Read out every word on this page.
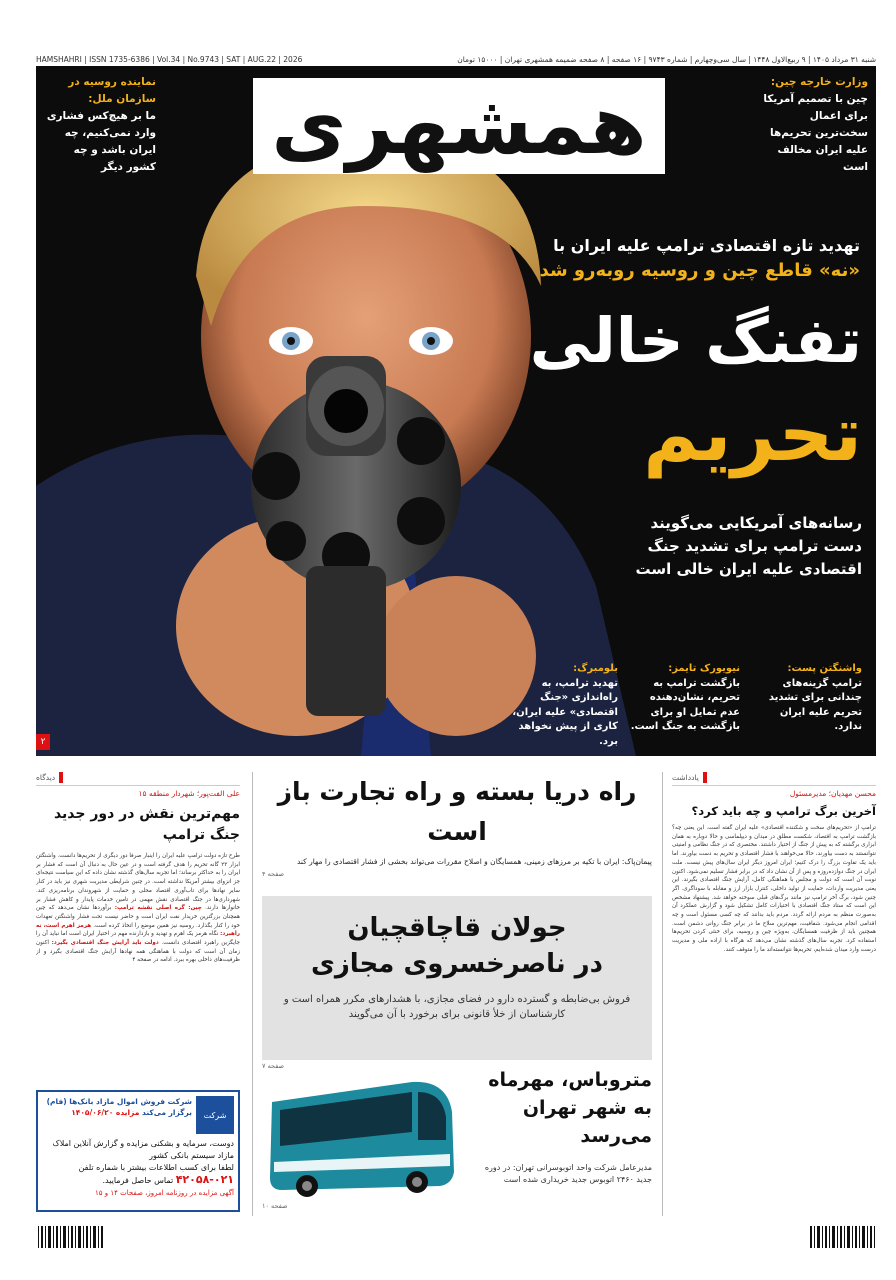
HAMSHAHRI | ISSN 1735-6386 | Vol.34 | No.9743 | SAT | AUG.22 | 2026	شنبه ۳۱ مرداد ۱۴۰۵ | ۹ ربیع‌الاول ۱۴۴۸ | سال سی‌و‌چهارم | شماره ۹۷۴۳ | ۱۶ صفحه | ۸ صفحه ضمیمه همشهری تهران | ۱۵۰۰۰ تومان
همشهری
نماینده روسیه در سازمان ملل:
ما بر هیچ‌کس فشاری وارد نمی‌کنیم، چه ایران باشد و چه کشور دیگر
وزارت خارجه چین:
چین با تصمیم آمریکا برای اعمال سخت‌ترین تحریم‌ها علیه ایران مخالف است
تهدید تازه اقتصادی ترامپ علیه ایران با
«نه» قاطع چین و روسیه روبه‌رو شد
تفنگ خالی
تحریم
رسانه‌های آمریکایی می‌گویند دست ترامپ برای تشدید جنگ اقتصادی علیه ایران خالی است
واشنگتن پست:
ترامپ گزینه‌های چندانی برای تشدید تحریم علیه ایران ندارد.
نیویورک تایمز:
بازگشت ترامپ به تحریم، نشان‌دهنده عدم تمایل او برای بازگشت به جنگ است.
بلومبرگ:
تهدید ترامپ، به راه‌اندازی «جنگ اقتصادی» علیه ایران، کاری از پیش نخواهد برد.
۲
دیدگاه
علی الفت‌پور؛ شهردار منطقه ۱۵
مهم‌ترین نقش در دور جدید جنگ ترامپ
طرح تازه دولت ترامپ علیه ایران را اینبار صرفا دور دیگری از تحریم‌ها دانست. واشنگتن ابزار ۲۳ گانه تحریم را هدف گرفته است و در عین حال به دنبال آن است که فشار بر ایران را به حداکثر برساند؛ اما تجربه سال‌های گذشته نشان داده که این سیاست نتیجه‌ای جز انزوای بیشتر آمریکا نداشته است. در چنین شرایطی مدیریت شهری نیز باید در کنار سایر نهادها برای تاب‌آوری اقتصاد محلی و حمایت از شهروندان برنامه‌ریزی کند. شهرداری‌ها در جنگ اقتصادی نقش مهمی در تامین خدمات پایدار و کاهش فشار بر خانوارها دارند. چین: گره اصلی نقشه ترامپ: برآوردها نشان می‌دهد که چین همچنان بزرگترین خریدار نفت ایران است و حاضر نیست تحت فشار واشنگتن تعهدات خود را کنار بگذارد. روسیه نیز همین موضع را اتخاذ کرده است. هرمز اهرم است، نه راهبرد: نگاه هرمز یک اهرم و تهدید و بازدارنده مهم در اختیار ایران است اما نباید آن را جایگزین راهبرد اقتصادی دانست. دولت باید آرایش جنگ اقتصادی بگیرد: اکنون زمان آن است که دولت با هماهنگی همه نهادها آرایش جنگ اقتصادی بگیرد و از ظرفیت‌های داخلی بهره ببرد. ادامه در صفحه ۴
شرکت
شرکت فروش اموال مازاد بانک‌ها (فام) برگزار می‌کند مزایده ۱۴۰۵/۰۶/۲۰
دوست، سرمایه و بشکنی مزایده و گزارش آنلاین املاک مازاد سیستم بانکی کشور
لطفا برای کسب اطلاعات بیشتر با شماره تلفن
۴۲۰۵۸-۰۲۱ تماس حاصل فرمایید.
آگهی مزایده در روزنامه امروز، صفحات ۱۴ و ۱۵
راه دریا بسته و راه تجارت باز است
پیمان‌پاک: ایران با تکیه بر مرزهای زمینی، همسایگان و اصلاح مقررات می‌تواند بخشی از فشار اقتصادی را مهار کند
صفحه ۴
جولان قاچاقچیان
در ناصرخسروی مجازی
فروش بی‌ضابطه و گسترده دارو در فضای مجازی، با هشدارهای مکرر همراه است و کارشناسان از خلأ قانونی برای برخورد با آن می‌گویند
صفحه ۷
متروباس، مهرماه به شهر تهران می‌رسد
مدیرعامل شرکت واحد اتوبوسرانی تهران: در دوره جدید ۲۴۶۰ اتوبوس جدید خریداری شده است
صفحه ۱۰
یادداشت
محسن مهدیان؛ مدیرمسئول
آخرین برگ ترامپ و چه باید کرد؟
ترامپ از «تحریم‌های سخت و شکننده اقتصادی» علیه ایران گفته است. این یعنی چه؟ بازگشت ترامپ به اقتصاد، شکست مطلق در میدان و دیپلماسی و حالا دوباره به همان ابزاری برگشته که به پیش از جنگ از اختیار داشتند. مختصری که در جنگ نظامی و امنیتی نتوانستند به دست بیاورند، حالا می‌خواهند با فشار اقتصادی و تحریم به دست بیاورند. اما باید یک تفاوت بزرگ را درک کنیم؛ ایران امروز دیگر ایران سال‌های پیش نیست. ملت ایران در جنگ دوازده‌روزه و پس از آن نشان داد که در برابر فشار تسلیم نمی‌شود. اکنون نوبت آن است که دولت و مجلس با هماهنگی کامل، آرایش جنگ اقتصادی بگیرند. این یعنی مدیریت واردات، حمایت از تولید داخلی، کنترل بازار ارز و مقابله با سوداگری. اگر چنین شود، برگ آخر ترامپ نیز مانند برگ‌های قبلی سوخته خواهد شد. پیشنهاد مشخص این است که ستاد جنگ اقتصادی با اختیارات کامل تشکیل شود و گزارش عملکرد آن به‌صورت منظم به مردم ارائه گردد. مردم باید بدانند که چه کسی مسئول است و چه اقدامی انجام می‌شود. شفافیت، مهم‌ترین سلاح ما در برابر جنگ روانی دشمن است. همچنین باید از ظرفیت همسایگان، به‌ویژه چین و روسیه، برای خنثی کردن تحریم‌ها استفاده کرد. تجربه سال‌های گذشته نشان می‌دهد که هرگاه با اراده ملی و مدیریت درست وارد میدان شده‌ایم، تحریم‌ها نتوانسته‌اند ما را متوقف کنند.
